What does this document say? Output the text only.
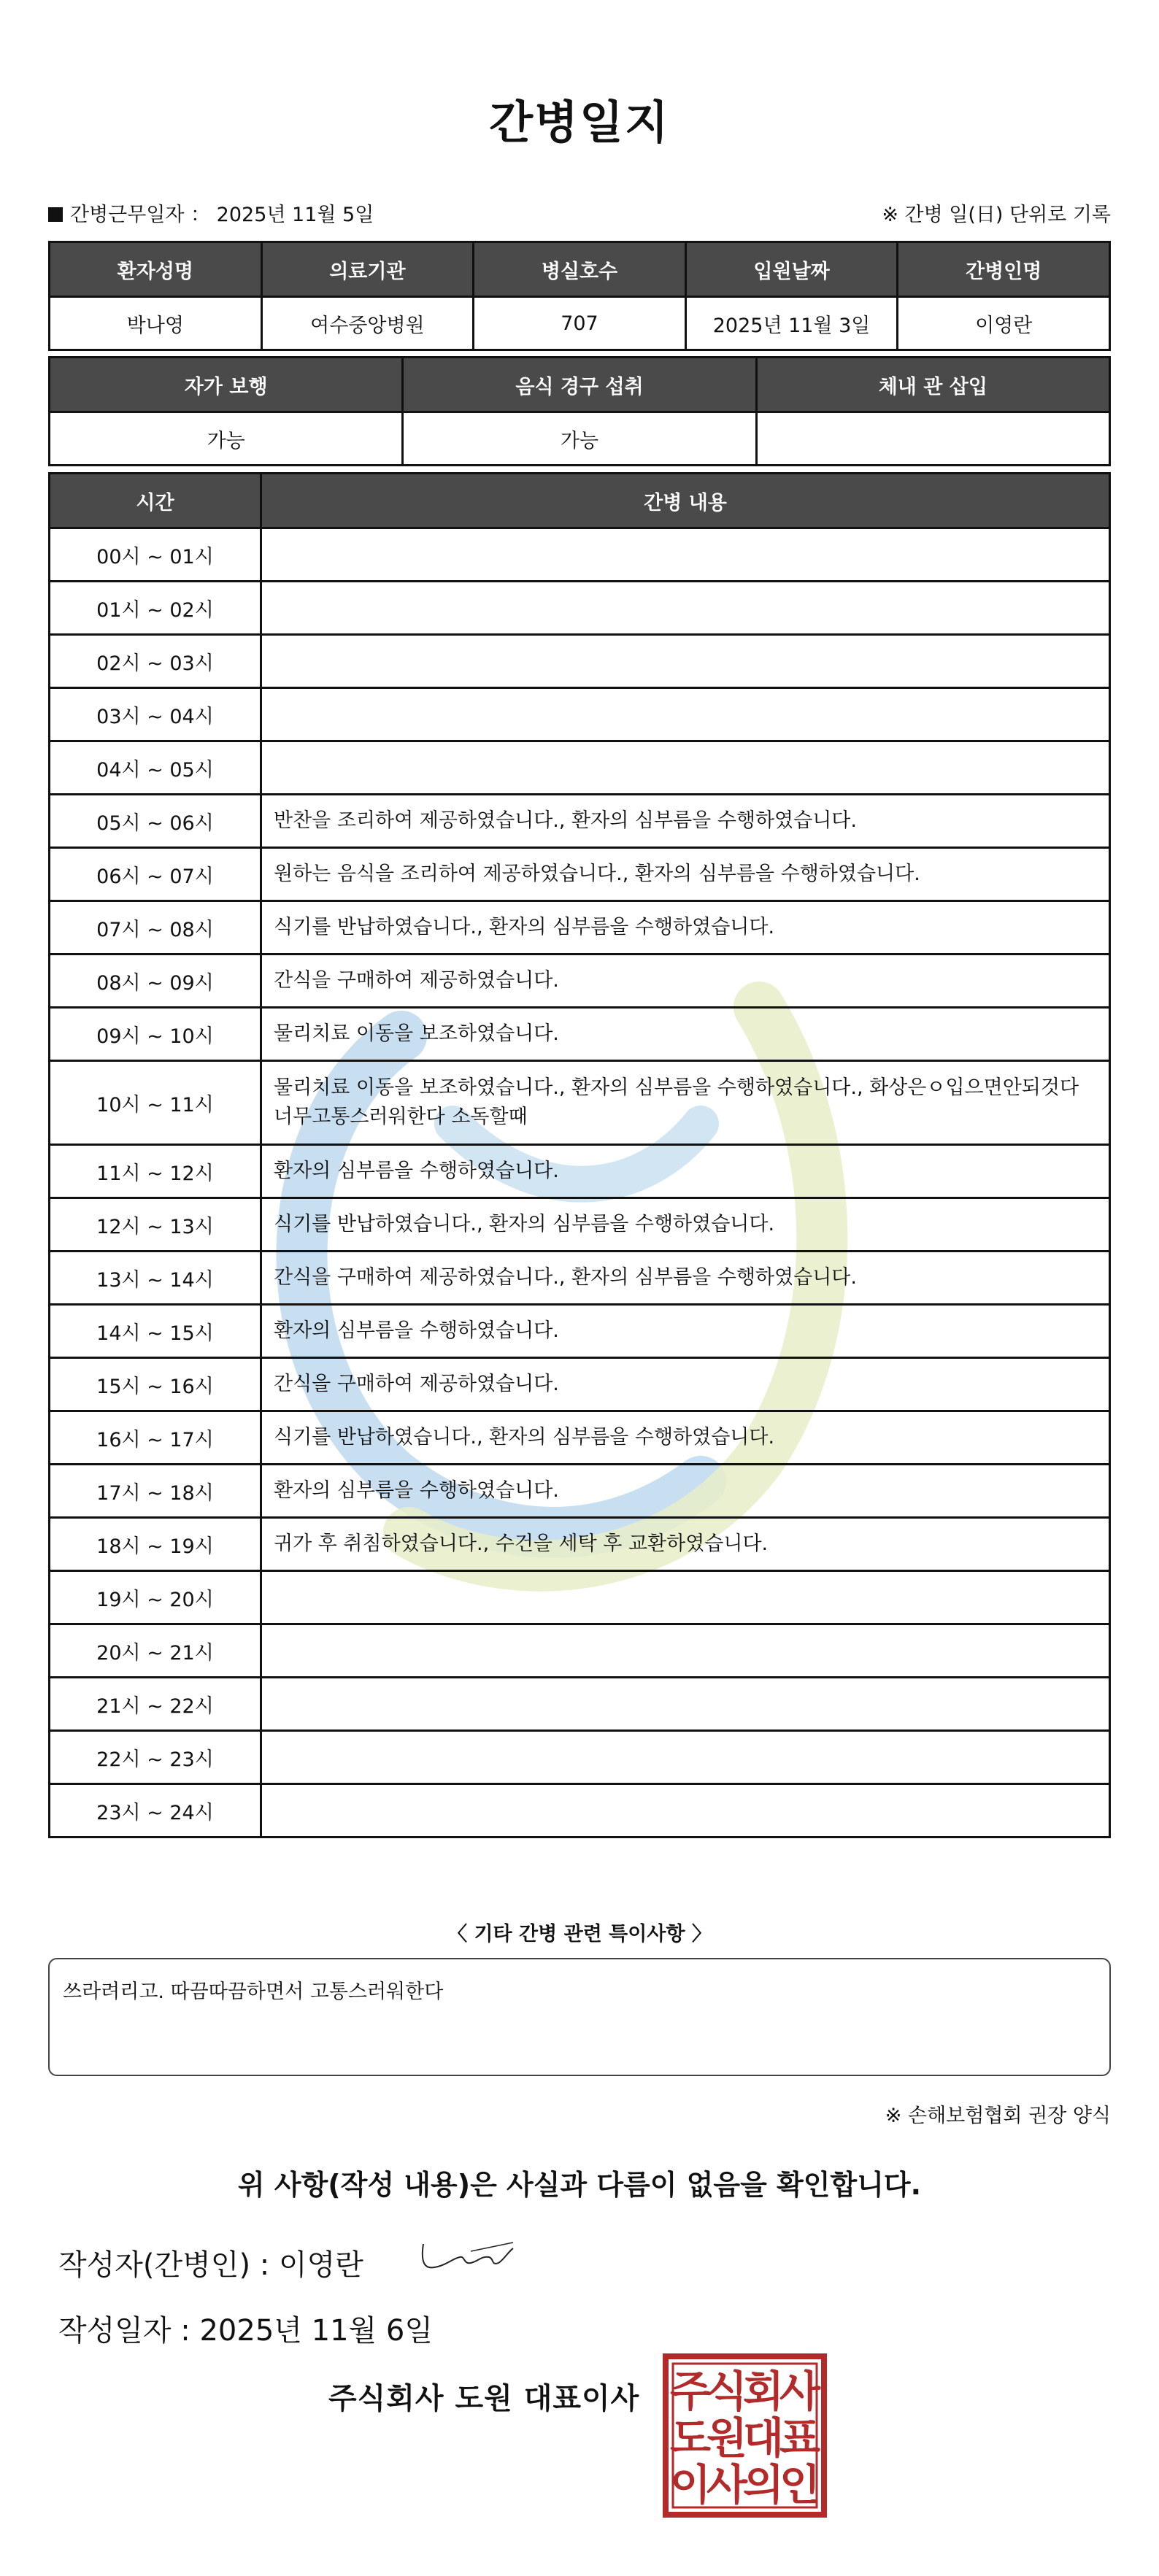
간병일지
간병근무일자 ： 2025년 11월 5일	※ 간병 일(日) 단위로 기록
환자성명	의료기관	병실호수	입원날짜	간병인명
박나영	여수중앙병원	707	2025년 11월 3일	이영란
자가 보행	음식 경구 섭취	체내 관 삽입
가능	가능	
시간	간병 내용
00시 ~ 01시	
01시 ~ 02시	
02시 ~ 03시	
03시 ~ 04시	
04시 ~ 05시	
05시 ~ 06시	반찬을 조리하여 제공하였습니다., 환자의 심부름을 수행하였습니다.
06시 ~ 07시	원하는 음식을 조리하여 제공하였습니다., 환자의 심부름을 수행하였습니다.
07시 ~ 08시	식기를 반납하였습니다., 환자의 심부름을 수행하였습니다.
08시 ~ 09시	간식을 구매하여 제공하였습니다.
09시 ~ 10시	물리치료 이동을 보조하였습니다.
10시 ~ 11시	물리치료 이동을 보조하였습니다., 환자의 심부름을 수행하였습니다., 화상은ㅇ입으면안되것다 너무고통스러워한다 소독할때
11시 ~ 12시	환자의 심부름을 수행하였습니다.
12시 ~ 13시	식기를 반납하였습니다., 환자의 심부름을 수행하였습니다.
13시 ~ 14시	간식을 구매하여 제공하였습니다., 환자의 심부름을 수행하였습니다.
14시 ~ 15시	환자의 심부름을 수행하였습니다.
15시 ~ 16시	간식을 구매하여 제공하였습니다.
16시 ~ 17시	식기를 반납하였습니다., 환자의 심부름을 수행하였습니다.
17시 ~ 18시	환자의 심부름을 수행하였습니다.
18시 ~ 19시	귀가 후 취침하였습니다., 수건을 세탁 후 교환하였습니다.
19시 ~ 20시	
20시 ~ 21시	
21시 ~ 22시	
22시 ~ 23시	
23시 ~ 24시	
〈 기타 간병 관련 특이사항 〉
쓰라려리고. 따끔따끔하면서 고통스러워한다
※ 손해보험협회 권장 양식
위 사항(작성 내용)은 사실과 다름이 없음을 확인합니다.
작성자(간병인) : 이영란
작성일자 : 2025년 11월 6일
주식회사 도원 대표이사 주
식
회
사
도
원
대
표
이
사
의
인
